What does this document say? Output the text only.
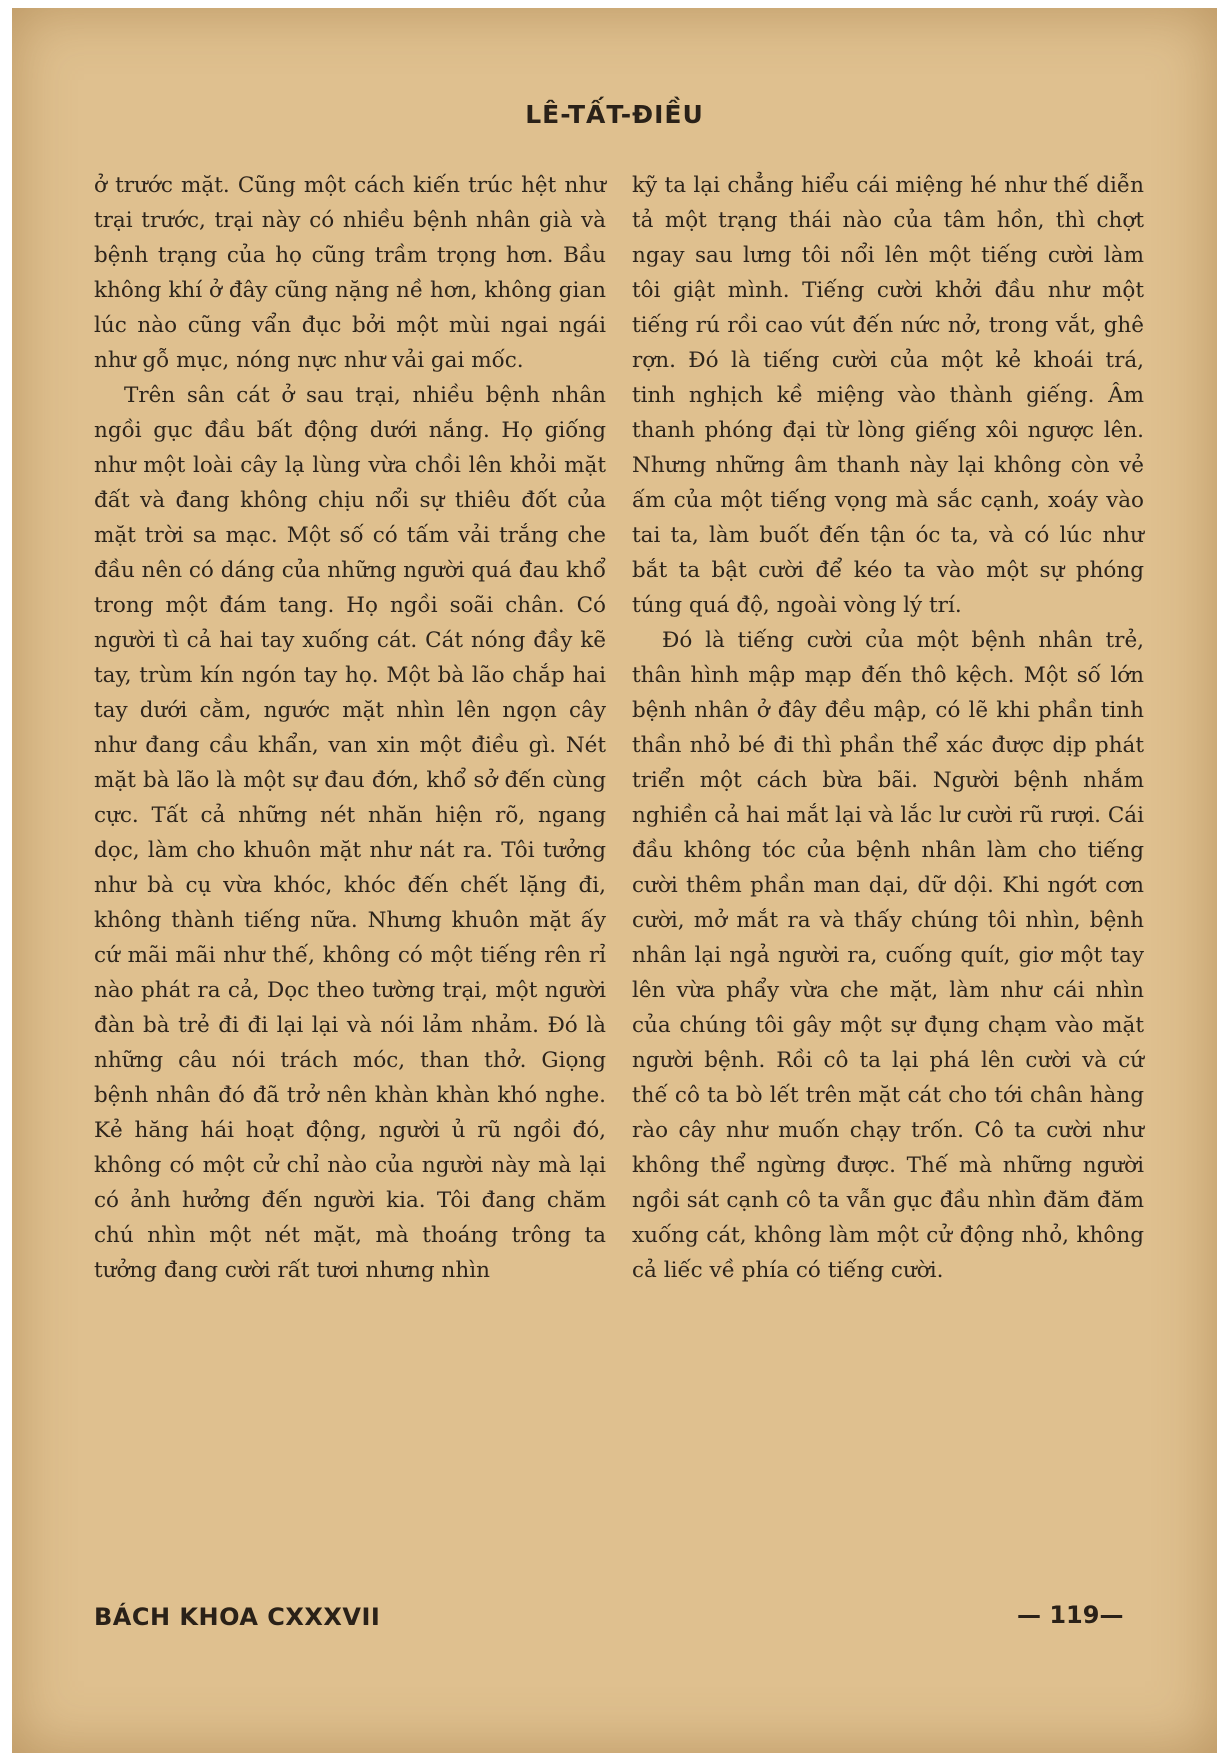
LÊ-TẤT-ĐIỀU

ở trước mặt. Cũng một cách kiến trúc hệt như trại trước, trại này có nhiều bệnh nhân già và bệnh trạng của họ cũng trầm trọng hơn. Bầu không khí ở đây cũng nặng nề hơn, không gian lúc nào cũng vẩn đục bởi một mùi ngai ngái như gỗ mục, nóng nực như vải gai mốc.

Trên sân cát ở sau trại, nhiều bệnh nhân ngồi gục đầu bất động dưới nắng. Họ giống như một loài cây lạ lùng vừa chồi lên khỏi mặt đất và đang không chịu nổi sự thiêu đốt của mặt trời sa mạc. Một số có tấm vải trắng che đầu nên có dáng của những người quá đau khổ trong một đám tang. Họ ngồi soãi chân. Có người tì cả hai tay xuống cát. Cát nóng đầy kẽ tay, trùm kín ngón tay họ. Một bà lão chắp hai tay dưới cằm, ngước mặt nhìn lên ngọn cây như đang cầu khẩn, van xin một điều gì. Nét mặt bà lão là một sự đau đớn, khổ sở đến cùng cực. Tất cả những nét nhăn hiện rõ, ngang dọc, làm cho khuôn mặt như nát ra. Tôi tưởng như bà cụ vừa khóc, khóc đến chết lặng đi, không thành tiếng nữa. Nhưng khuôn mặt ấy cứ mãi mãi như thế, không có một tiếng rên rỉ nào phát ra cả, Dọc theo tường trại, một người đàn bà trẻ đi đi lại lại và nói lảm nhảm. Đó là những câu nói trách móc, than thở. Giọng bệnh nhân đó đã trở nên khàn khàn khó nghe. Kẻ hăng hái hoạt động, người ủ rũ ngồi đó, không có một cử chỉ nào của người này mà lại có ảnh hưởng đến người kia. Tôi đang chăm chú nhìn một nét mặt, mà thoáng trông ta tưởng đang cười rất tươi nhưng nhìn

kỹ ta lại chẳng hiểu cái miệng hé như thế diễn tả một trạng thái nào của tâm hồn, thì chợt ngay sau lưng tôi nổi lên một tiếng cười làm tôi giật mình. Tiếng cười khởi đầu như một tiếng rú rồi cao vút đến nức nở, trong vắt, ghê rợn. Đó là tiếng cười của một kẻ khoái trá, tinh nghịch kề miệng vào thành giếng. Âm thanh phóng đại từ lòng giếng xôi ngược lên. Nhưng những âm thanh này lại không còn vẻ ấm của một tiếng vọng mà sắc cạnh, xoáy vào tai ta, làm buốt đến tận óc ta, và có lúc như bắt ta bật cười để kéo ta vào một sự phóng túng quá độ, ngoài vòng lý trí.

Đó là tiếng cười của một bệnh nhân trẻ, thân hình mập mạp đến thô kệch. Một số lớn bệnh nhân ở đây đều mập, có lẽ khi phần tinh thần nhỏ bé đi thì phần thể xác được dịp phát triển một cách bừa bãi. Người bệnh nhắm nghiền cả hai mắt lại và lắc lư cười rũ rượi. Cái đầu không tóc của bệnh nhân làm cho tiếng cười thêm phần man dại, dữ dội. Khi ngớt cơn cười, mở mắt ra và thấy chúng tôi nhìn, bệnh nhân lại ngả người ra, cuống quít, giơ một tay lên vừa phẩy vừa che mặt, làm như cái nhìn của chúng tôi gây một sự đụng chạm vào mặt người bệnh. Rồi cô ta lại phá lên cười và cứ thế cô ta bò lết trên mặt cát cho tới chân hàng rào cây như muốn chạy trốn. Cô ta cười như không thể ngừng được. Thế mà những người ngồi sát cạnh cô ta vẫn gục đầu nhìn đăm đăm xuống cát, không làm một cử động nhỏ, không cả liếc về phía có tiếng cười.

BÁCH KHOA CXXXVII	— 119—
